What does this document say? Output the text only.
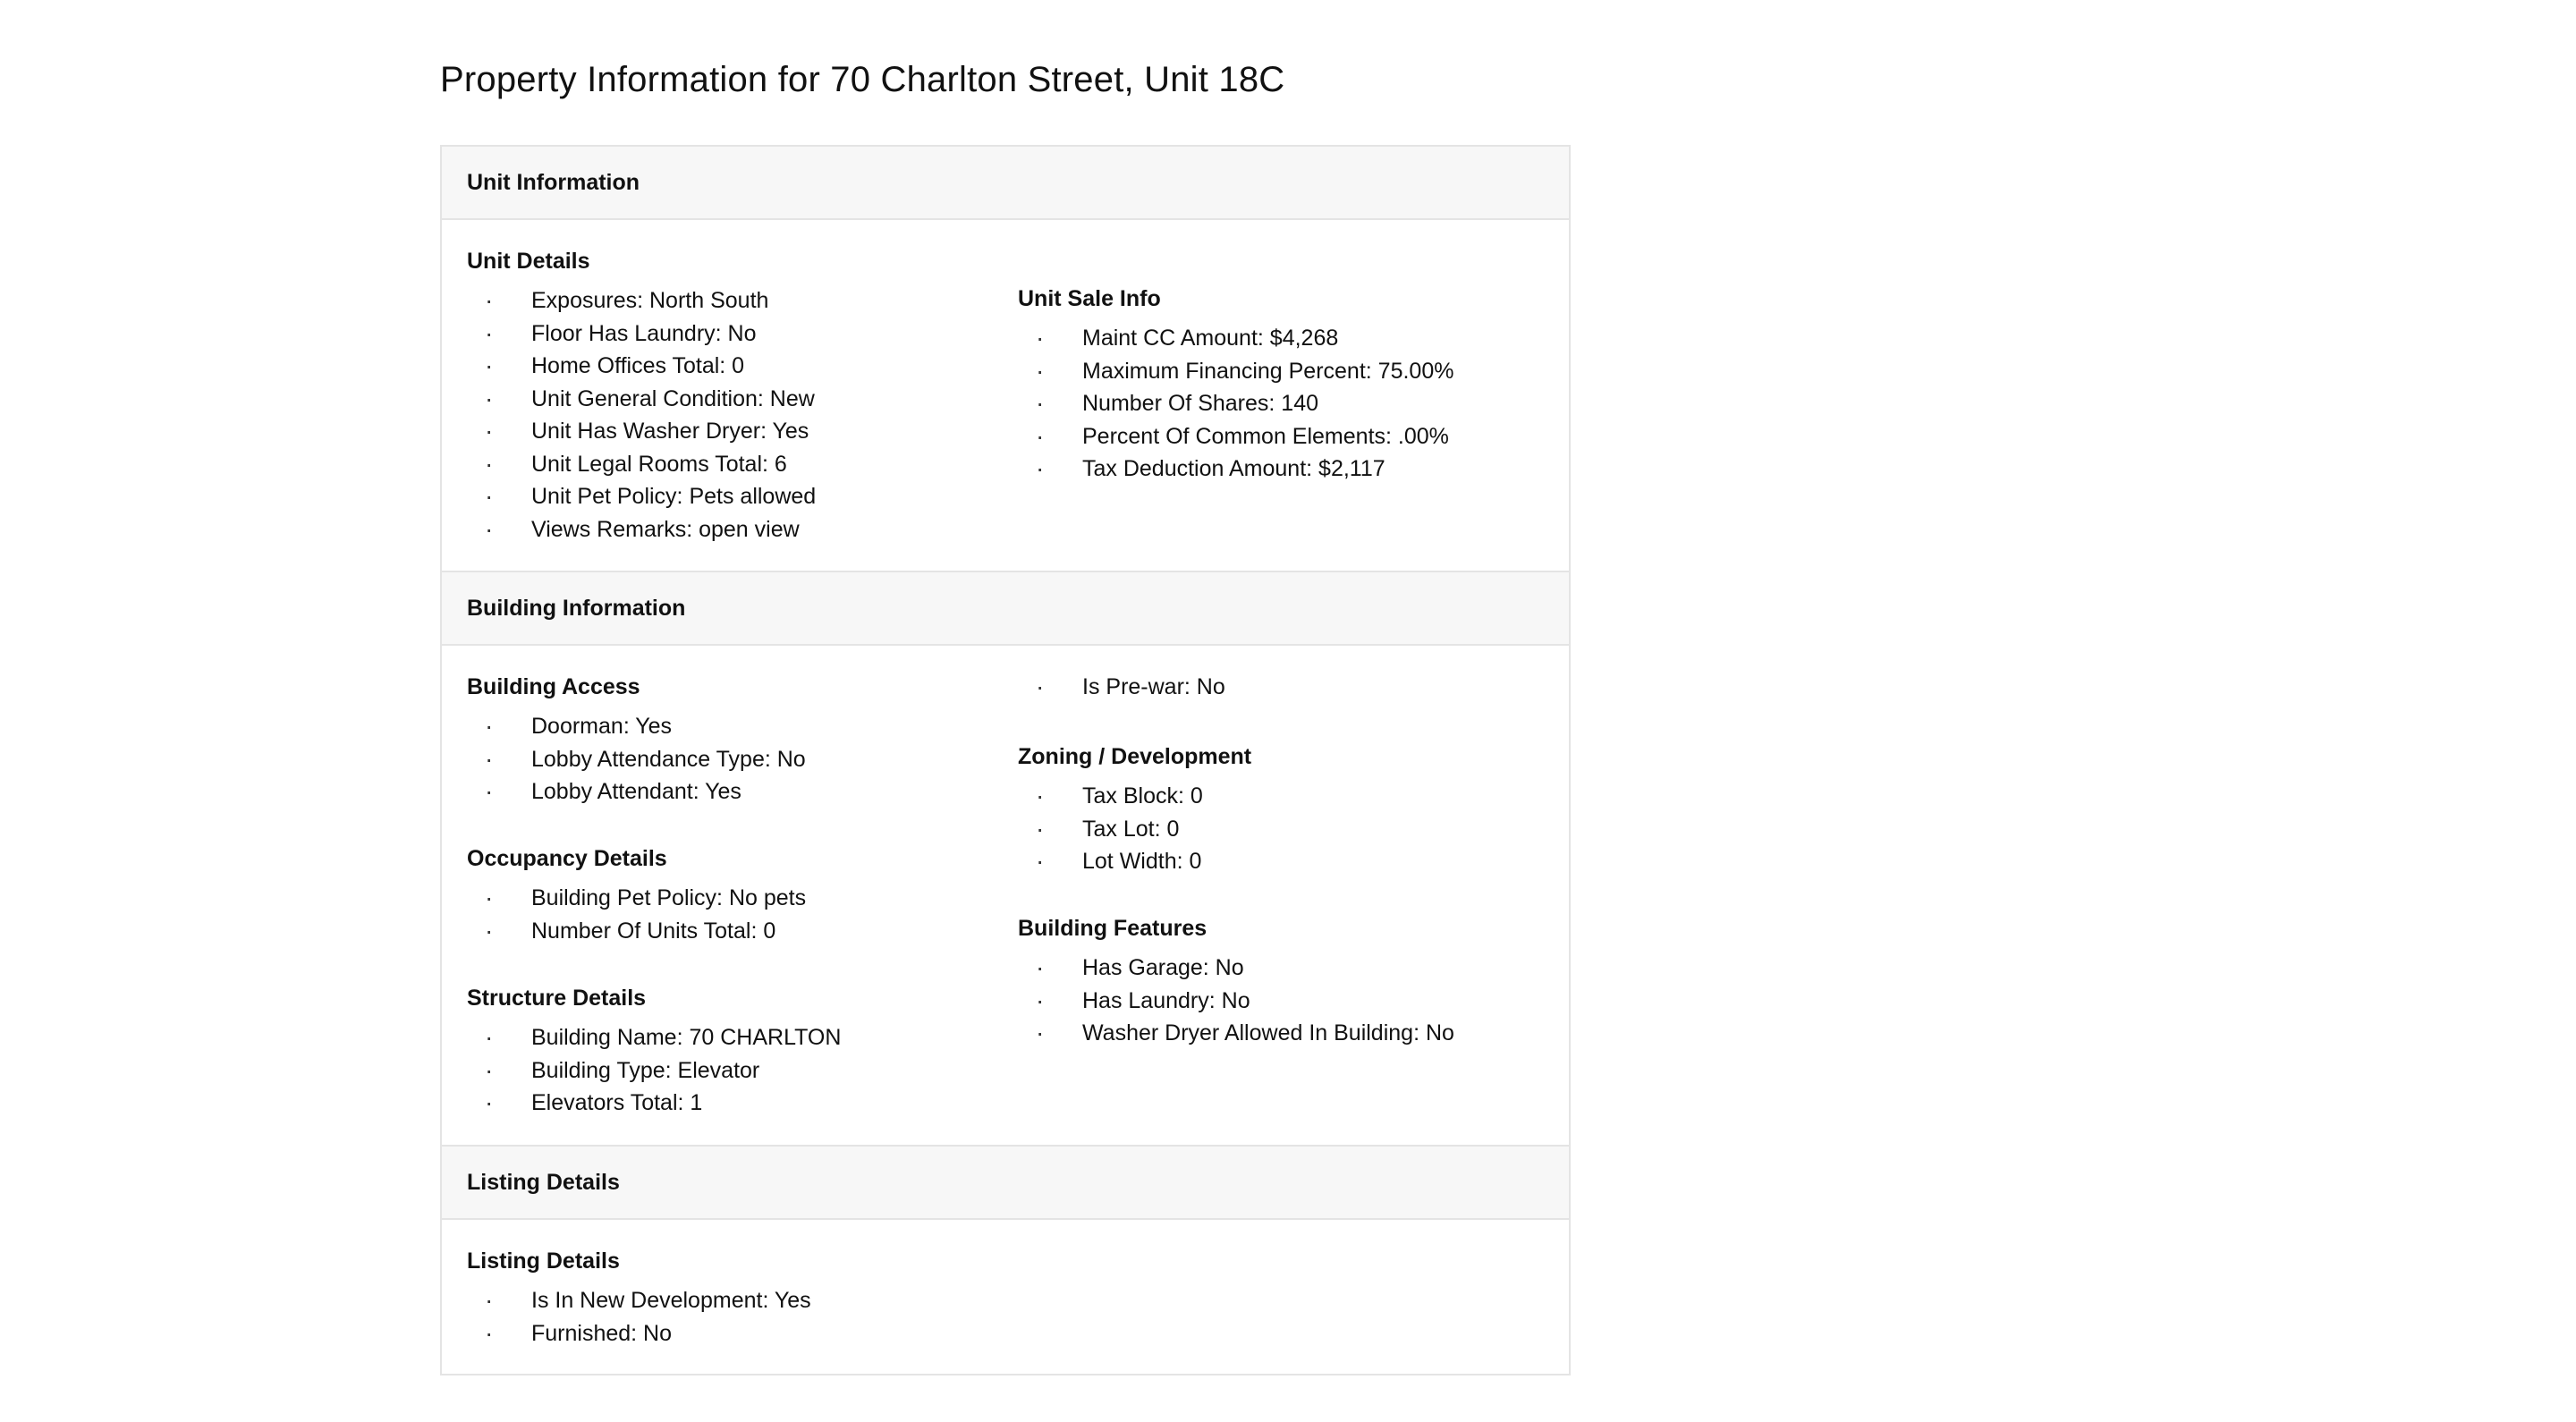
Property Information for 70 Charlton Street, Unit 18C
Unit Information
Unit Details
· Exposures: North South
· Floor Has Laundry: No
· Home Offices Total: 0
· Unit General Condition: New
· Unit Has Washer Dryer: Yes
· Unit Legal Rooms Total: 6
· Unit Pet Policy: Pets allowed
· Views Remarks: open view
Unit Sale Info
· Maint CC Amount: $4,268
· Maximum Financing Percent: 75.00%
· Number Of Shares: 140
· Percent Of Common Elements: .00%
· Tax Deduction Amount: $2,117
Building Information
Building Access
· Doorman: Yes
· Lobby Attendance Type: No
· Lobby Attendant: Yes
Occupancy Details
· Building Pet Policy: No pets
· Number Of Units Total: 0
Structure Details
· Building Name: 70 CHARLTON
· Building Type: Elevator
· Elevators Total: 1
· Is Pre-war: No
Zoning / Development
· Tax Block: 0
· Tax Lot: 0
· Lot Width: 0
Building Features
· Has Garage: No
· Has Laundry: No
· Washer Dryer Allowed In Building: No
Listing Details
Listing Details
· Is In New Development: Yes
· Furnished: No
